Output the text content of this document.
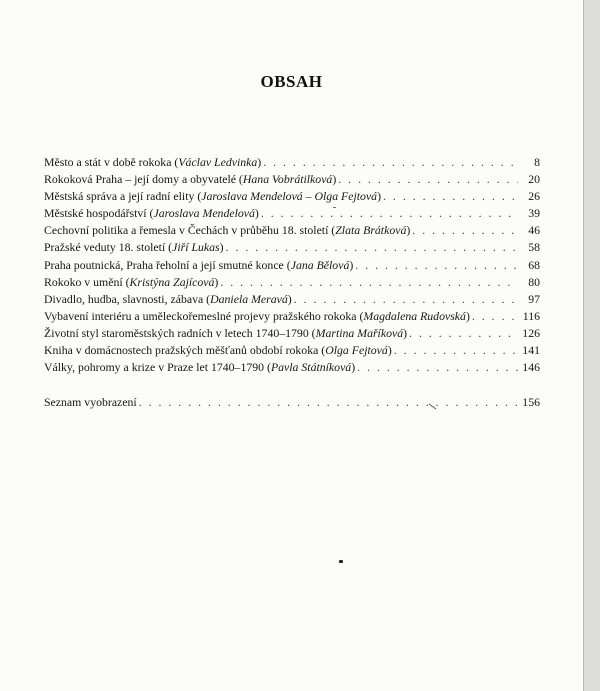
OBSAH
Město a stát v době rokoka (Václav Ledvinka) . . .	8
Rokoková Praha – její domy a obyvatelé (Hana Vobrátilková) . . .	20
Městská správa a její radní elity (Jaroslava Mendelová – Olga Fejtová) . . .	26
Městské hospodářství (Jaroslava Mendelová) . . .	39
Cechovní politika a řemesla v Čechách v průběhu 18. století (Zlata Brátková) . . .	46
Pražské veduty 18. století (Jiří Lukas) . . .	58
Praha poutnická, Praha řeholní a její smutné konce (Jana Bělová) . . .	68
Rokoko v umění (Kristýna Zajícová) . . .	80
Divadlo, hudba, slavnosti, zábava (Daniela Meravá) . . .	97
Vybavení interiéru a uměleckořemeslné projevy pražského rokoka (Magdalena Rudovská) . . .	116
Životní styl staroměstských radních v letech 1740–1790 (Martina Maříková) . . .	126
Kniha v domácnostech pražských měšťanů období rokoka (Olga Fejtová) . . .	141
Války, pohromy a krize v Praze let 1740–1790 (Pavla Státníková) . . .	146
Seznam vyobrazení . . .	156
